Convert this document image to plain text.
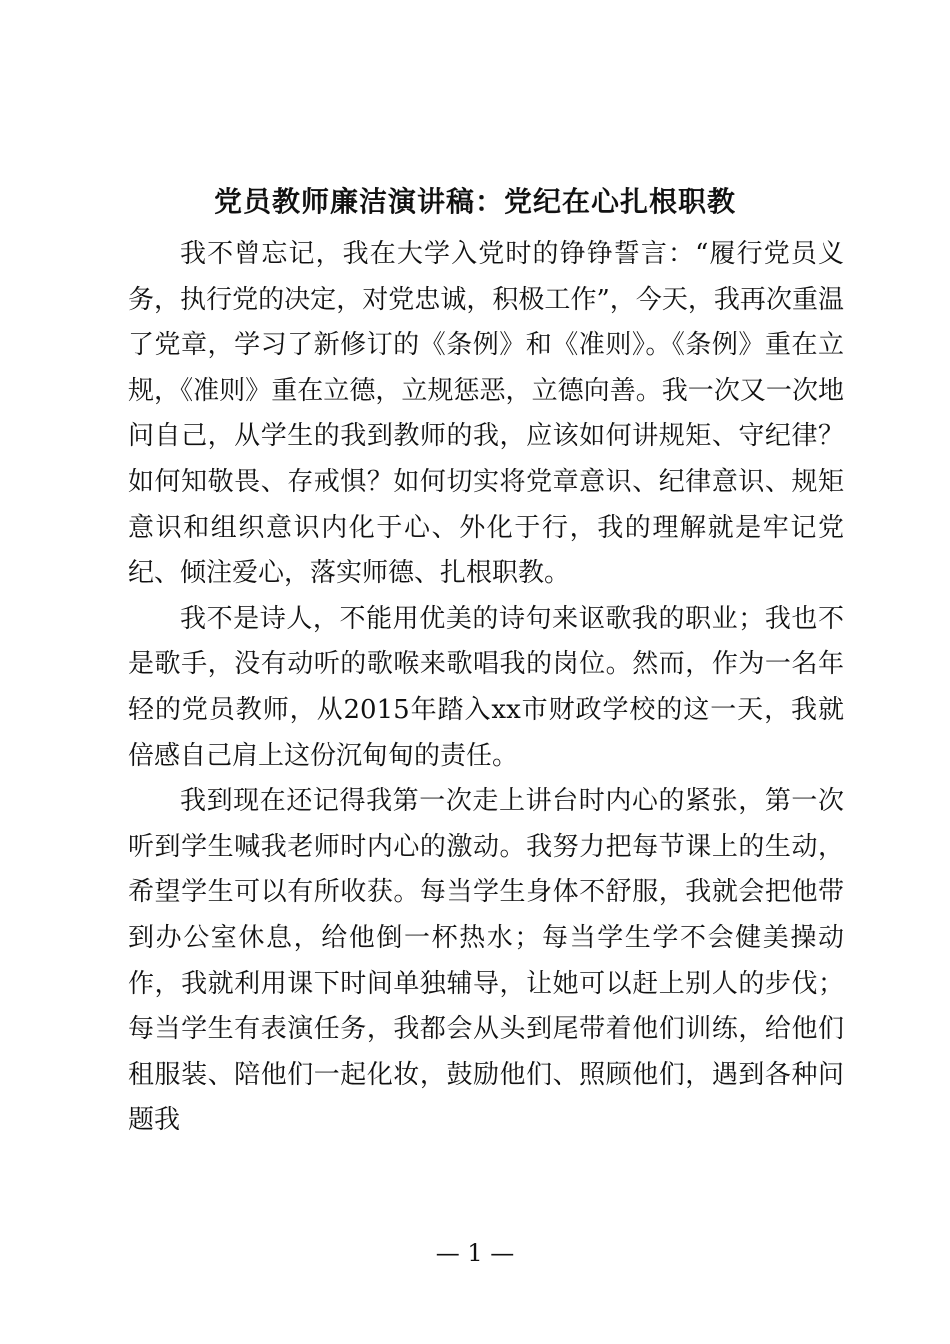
党员教师廉洁演讲稿：党纪在心扎根职教

我不曾忘记，我在大学入党时的铮铮誓言：“履行党员义务，执行党的决定，对党忠诚，积极工作”，今天，我再次重温了党章，学习了新修订的《条例》和《准则》。《条例》重在立规，《准则》重在立德，立规惩恶，立德向善。我一次又一次地问自己，从学生的我到教师的我，应该如何讲规矩、守纪律？如何知敬畏、存戒惧？如何切实将党章意识、纪律意识、规矩意识和组织意识内化于心、外化于行，我的理解就是牢记党纪、倾注爱心，落实师德、扎根职教。

我不是诗人，不能用优美的诗句来讴歌我的职业；我也不是歌手，没有动听的歌喉来歌唱我的岗位。然而，作为一名年轻的党员教师，从2015年踏入xx市财政学校的这一天，我就倍感自己肩上这份沉甸甸的责任。

我到现在还记得我第一次走上讲台时内心的紧张，第一次听到学生喊我老师时内心的激动。我努力把每节课上的生动，希望学生可以有所收获。每当学生身体不舒服，我就会把他带到办公室休息，给他倒一杯热水；每当学生学不会健美操动作，我就利用课下时间单独辅导，让她可以赶上别人的步伐；每当学生有表演任务，我都会从头到尾带着他们训练，给他们租服装、陪他们一起化妆，鼓励他们、照顾他们，遇到各种问题我

— 1 —
